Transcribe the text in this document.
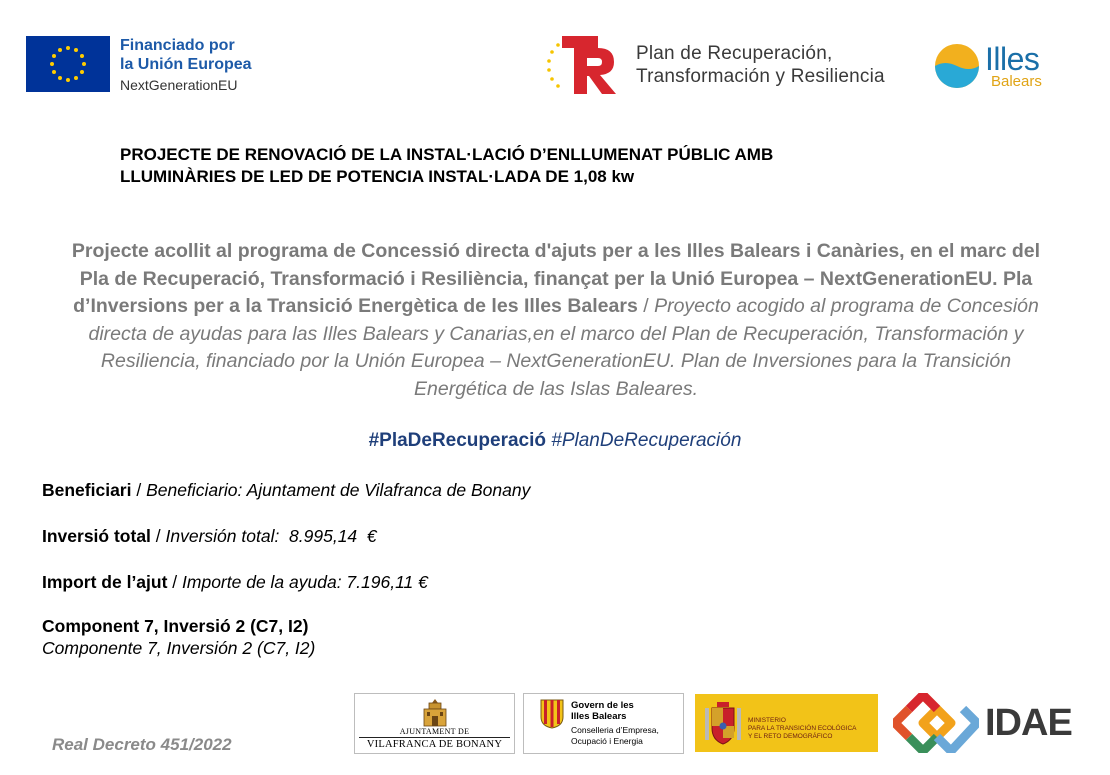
Financiado por
la Unión Europea
NextGenerationEU
Plan de Recuperación,
Transformación y Resiliencia	Illes
Balears
PROJECTE DE RENOVACIÓ DE LA INSTAL·LACIÓ D’ENLLUMENAT PÚBLIC AMB
LLUMINÀRIES DE LED DE POTENCIA INSTAL·LADA DE 1,08 kw
Projecte acollit al programa de Concessió directa d'ajuts per a les Illes Balears i Canàries, en el marc del Pla de Recuperació, Transformació i Resiliència, finançat per la Unió Europea – NextGenerationEU. Pla d’Inversions per a la Transició Energètica de les Illes Balears / Proyecto acogido al programa de Concesión directa de ayudas para las Illes Balears y Canarias,en el marco del Plan de Recuperación, Transformación y Resiliencia, financiado por la Unión Europea – NextGenerationEU. Plan de Inversiones para la Transición Energética de las Islas Baleares.
#PlaDeRecuperació #PlanDeRecuperación
Beneficiari / Beneficiario: Ajuntament de Vilafranca de Bonany
Inversió total / Inversión total:  8.995,14  €
Import de l’ajut / Importe de la ayuda: 7.196,11 €
Component 7, Inversió 2 (C7, I2)
Componente 7, Inversión 2 (C7, I2)
Real Decreto 451/2022
AJUNTAMENT DE
VILAFRANCA DE BONANY
Govern de les
Illes Balears
Conselleria d’Empresa,
Ocupació i Energia
MINISTERIO
PARA LA TRANSICIÓN ECOLÓGICA
Y EL RETO DEMOGRÁFICO	IDAE
